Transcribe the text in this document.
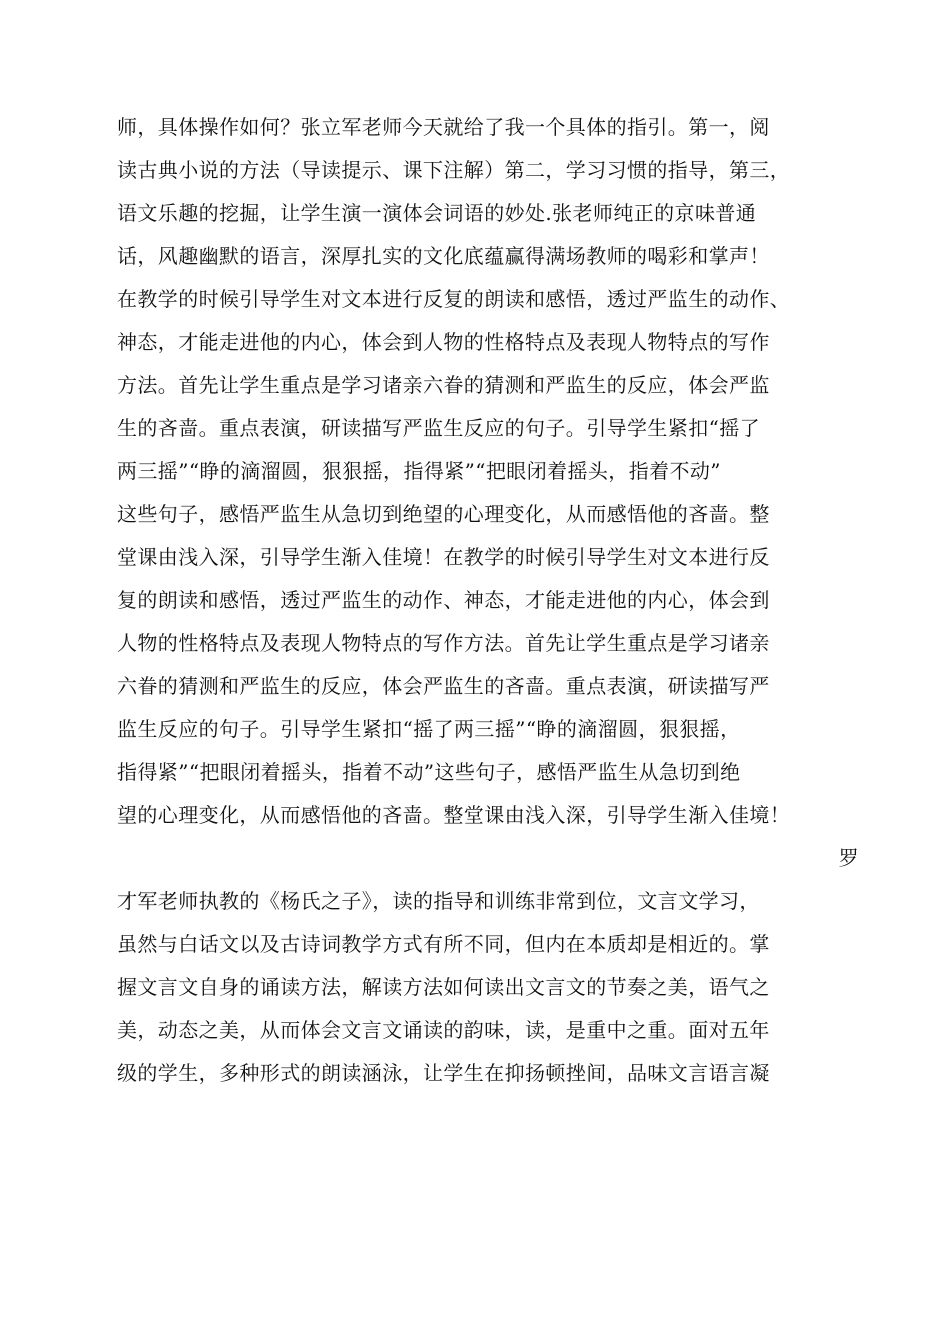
师，具体操作如何？张立军老师今天就给了我一个具体的指引。第一，阅
读古典小说的方法（导读提示、课下注解）第二，学习习惯的指导，第三，
语文乐趣的挖掘，让学生演一演体会词语的妙处.张老师纯正的京味普通
话，风趣幽默的语言，深厚扎实的文化底蕴赢得满场教师的喝彩和掌声！
在教学的时候引导学生对文本进行反复的朗读和感悟，透过严监生的动作、
神态，才能走进他的内心，体会到人物的性格特点及表现人物特点的写作
方法。首先让学生重点是学习诸亲六眷的猜测和严监生的反应，体会严监
生的吝啬。重点表演，研读描写严监生反应的句子。引导学生紧扣“摇了
两三摇”“睁的滴溜圆，狠狠摇，指得紧”“把眼闭着摇头，指着不动”
这些句子，感悟严监生从急切到绝望的心理变化，从而感悟他的吝啬。整
堂课由浅入深，引导学生渐入佳境！在教学的时候引导学生对文本进行反
复的朗读和感悟，透过严监生的动作、神态，才能走进他的内心，体会到
人物的性格特点及表现人物特点的写作方法。首先让学生重点是学习诸亲
六眷的猜测和严监生的反应，体会严监生的吝啬。重点表演，研读描写严
监生反应的句子。引导学生紧扣“摇了两三摇”“睁的滴溜圆，狠狠摇，
指得紧”“把眼闭着摇头，指着不动”这些句子，感悟严监生从急切到绝
望的心理变化，从而感悟他的吝啬。整堂课由浅入深，引导学生渐入佳境！
罗
才军老师执教的《杨氏之子》，读的指导和训练非常到位，文言文学习，
虽然与白话文以及古诗词教学方式有所不同，但内在本质却是相近的。掌
握文言文自身的诵读方法，解读方法如何读出文言文的节奏之美，语气之
美，动态之美，从而体会文言文诵读的韵味，读，是重中之重。面对五年
级的学生，多种形式的朗读涵泳，让学生在抑扬顿挫间，品味文言语言凝
